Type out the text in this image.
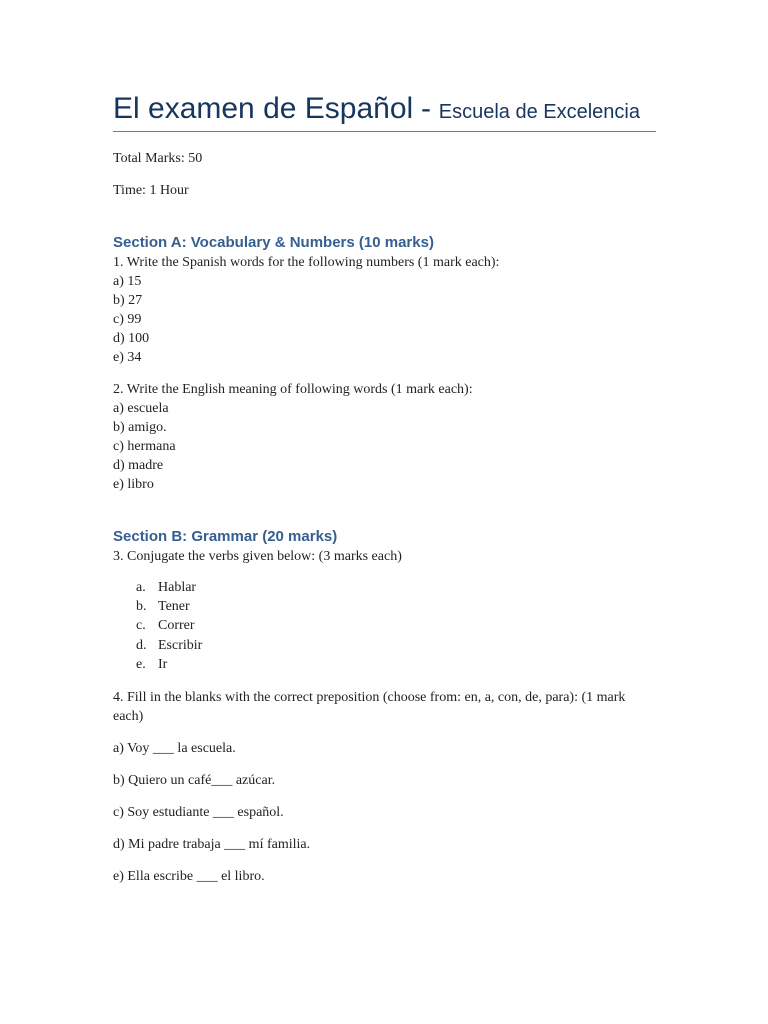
El examen de Español - Escuela de Excelencia

Total Marks: 50

Time: 1 Hour

Section A: Vocabulary & Numbers (10 marks)

1. Write the Spanish words for the following numbers (1 mark each):

a) 15

b) 27

c) 99

d) 100

e) 34

2. Write the English meaning of following words (1 mark each):

a) escuela

b) amigo.

c) hermana

d) madre

e) libro

Section B: Grammar (20 marks)

3. Conjugate the verbs given below: (3 marks each)

a. Hablar
b. Tener
c. Correr
d. Escribir
e. Ir

4. Fill in the blanks with the correct preposition (choose from: en, a, con, de, para): (1 mark each)

a) Voy ___ la escuela.

b) Quiero un café___ azúcar.

c) Soy estudiante ___ español.

d) Mi padre trabaja ___ mí familia.

e) Ella escribe ___ el libro.
